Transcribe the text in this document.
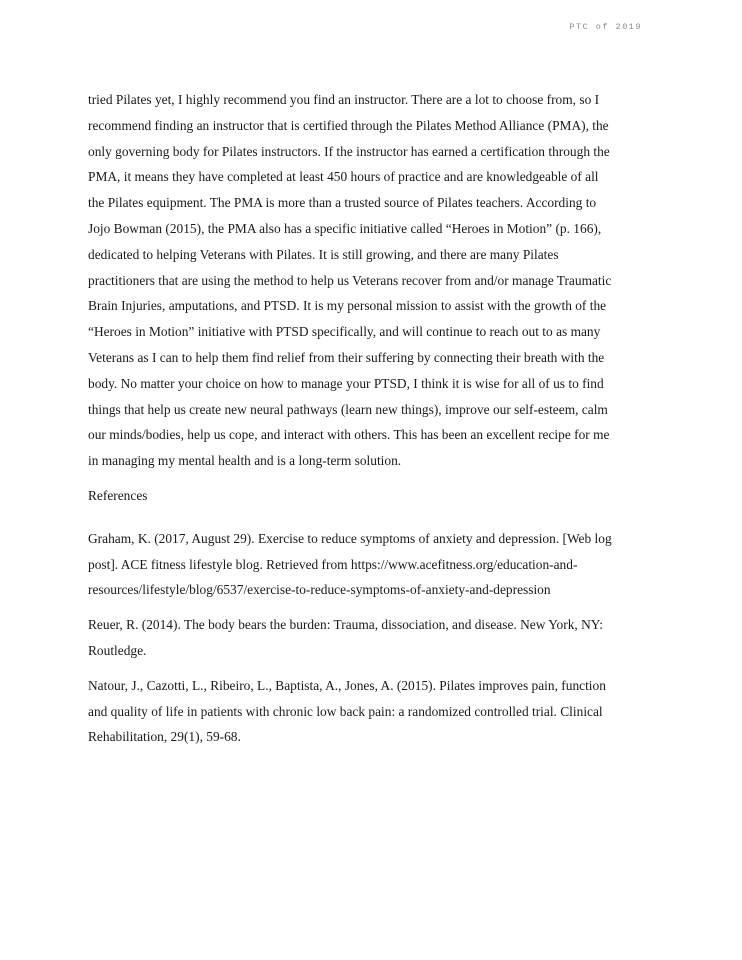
PTC of 2019

tried Pilates yet, I highly recommend you find an instructor. There are a lot to choose from, so I recommend finding an instructor that is certified through the Pilates Method Alliance (PMA), the only governing body for Pilates instructors. If the instructor has earned a certification through the PMA, it means they have completed at least 450 hours of practice and are knowledgeable of all the Pilates equipment. The PMA is more than a trusted source of Pilates teachers. According to Jojo Bowman (2015), the PMA also has a specific initiative called “Heroes in Motion” (p. 166), dedicated to helping Veterans with Pilates. It is still growing, and there are many Pilates practitioners that are using the method to help us Veterans recover from and/or manage Traumatic Brain Injuries, amputations, and PTSD. It is my personal mission to assist with the growth of the “Heroes in Motion” initiative with PTSD specifically, and will continue to reach out to as many Veterans as I can to help them find relief from their suffering by connecting their breath with the body. No matter your choice on how to manage your PTSD, I think it is wise for all of us to find things that help us create new neural pathways (learn new things), improve our self-esteem, calm our minds/bodies, help us cope, and interact with others. This has been an excellent recipe for me in managing my mental health and is a long-term solution.

References

Graham, K. (2017, August 29). Exercise to reduce symptoms of anxiety and depression. [Web log post]. ACE fitness lifestyle blog. Retrieved from https://www.acefitness.org/education-and-resources/lifestyle/blog/6537/exercise-to-reduce-symptoms-of-anxiety-and-depression

Reuer, R. (2014). The body bears the burden: Trauma, dissociation, and disease. New York, NY: Routledge.

Natour, J., Cazotti, L., Ribeiro, L., Baptista, A., Jones, A. (2015). Pilates improves pain, function and quality of life in patients with chronic low back pain: a randomized controlled trial. Clinical Rehabilitation, 29(1), 59-68.
